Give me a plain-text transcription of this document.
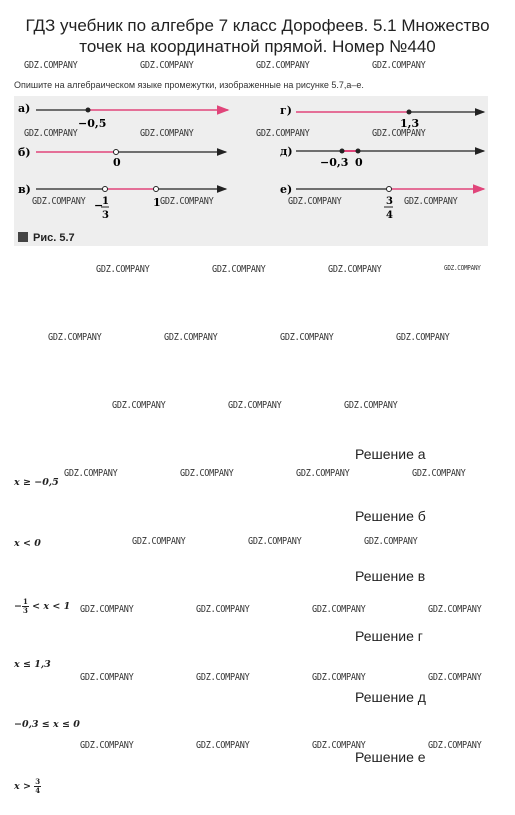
ГДЗ учебник по алгебре 7 класс Дорофеев. 5.1 Множество точек на координатной прямой. Номер №440
GDZ.COMPANY	GDZ.COMPANY	GDZ.COMPANY	GDZ.COMPANY
Опишите на алгебраическом языке промежутки, изображенные на рисунке 5.7,а–е.
а)
−0,5
б)
0
в)
−
1
3
1
г)
1,3
д)
−0,3 0
е)
3
4
Рис. 5.7
GDZ.COMPANY	GDZ.COMPANY	GDZ.COMPANY	GDZ.COMPANY
GDZ.COMPANY	GDZ.COMPANY	GDZ.COMPANY	GDZ.COMPANY
GDZ.COMPANY	GDZ.COMPANY	GDZ.COMPANY	GDZ.COMPANY
GDZ.COMPANY	GDZ.COMPANY	GDZ.COMPANY	GDZ.COMPANY
GDZ.COMPANY	GDZ.COMPANY	GDZ.COMPANY
Решение а
x ≥ −0,5
GDZ.COMPANY	GDZ.COMPANY	GDZ.COMPANY	GDZ.COMPANY
Решение б
x < 0	GDZ.COMPANY	GDZ.COMPANY	GDZ.COMPANY
Решение в
− $\frac{1}{3} < x < 1$ GDZ.COMPANY	GDZ.COMPANY	GDZ.COMPANY	GDZ.COMPANY
Решение г
x ≤ 1,3
GDZ.COMPANY	GDZ.COMPANY	GDZ.COMPANY	GDZ.COMPANY
Решение д
−0,3 ≤ x ≤ 0
GDZ.COMPANY	GDZ.COMPANY	GDZ.COMPANY	GDZ.COMPANY
Решение е
$x > \frac{3}{4}$
